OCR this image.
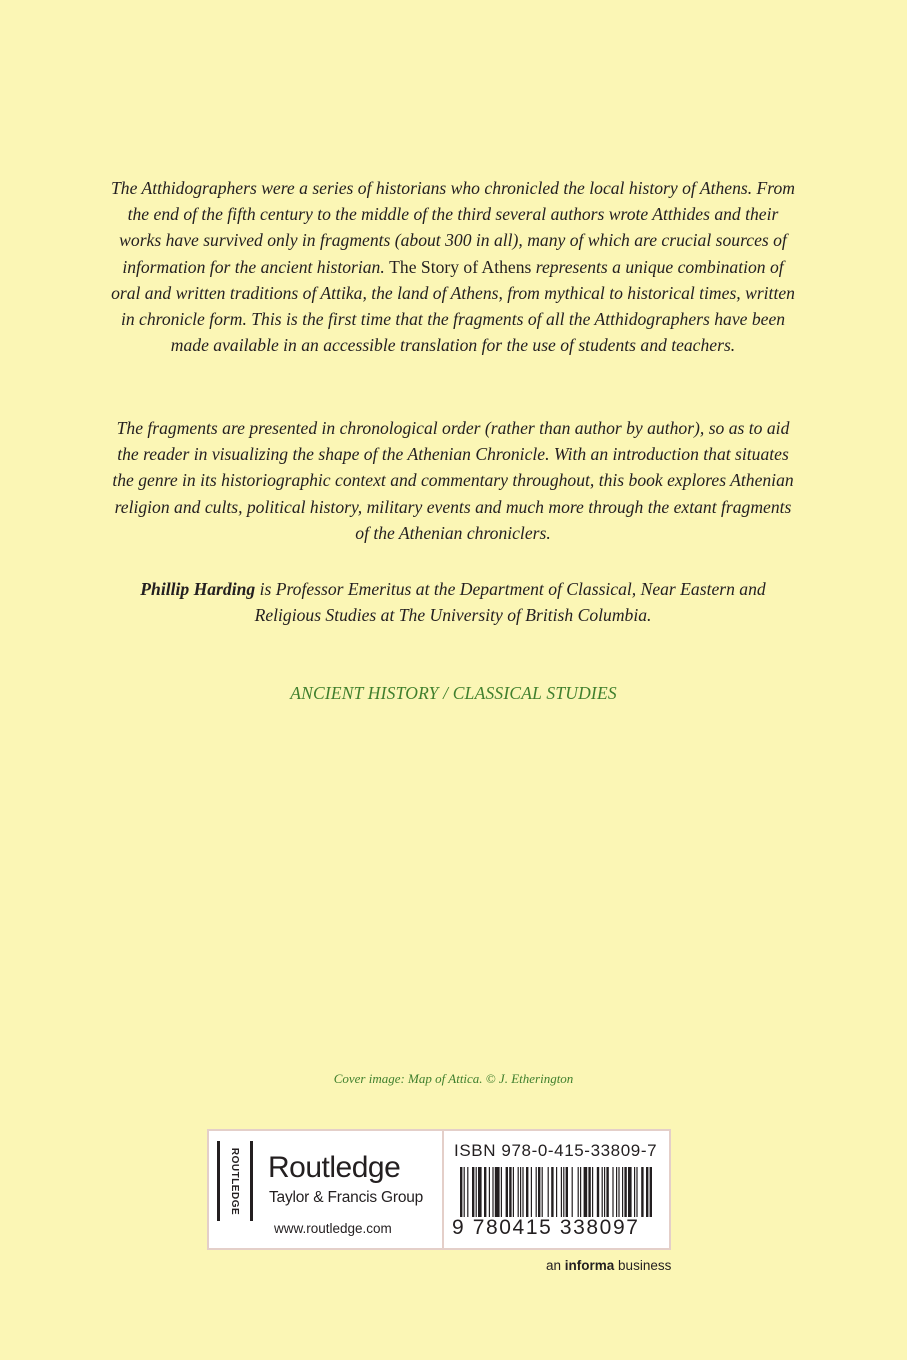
The Atthidographers were a series of historians who chronicled the local history of Athens. From the end of the fifth century to the middle of the third several authors wrote Atthides and their works have survived only in fragments (about 300 in all), many of which are crucial sources of information for the ancient historian. The Story of Athens represents a unique combination of oral and written traditions of Attika, the land of Athens, from mythical to historical times, written in chronicle form. This is the first time that the fragments of all the Atthidographers have been made available in an accessible translation for the use of students and teachers.

The fragments are presented in chronological order (rather than author by author), so as to aid the reader in visualizing the shape of the Athenian Chronicle. With an introduction that situates the genre in its historiographic context and commentary throughout, this book explores Athenian religion and cults, political history, military events and much more through the extant fragments of the Athenian chroniclers.

Phillip Harding is Professor Emeritus at the Department of Classical, Near Eastern and Religious Studies at The University of British Columbia.

ANCIENT HISTORY / CLASSICAL STUDIES
Cover image: Map of Attica. © J. Etherington
ROUTLEDGE Routledge
Taylor & Francis Group
www.routledge.com
ISBN 978-0-415-33809-7
9 780415 338097
an informa business
